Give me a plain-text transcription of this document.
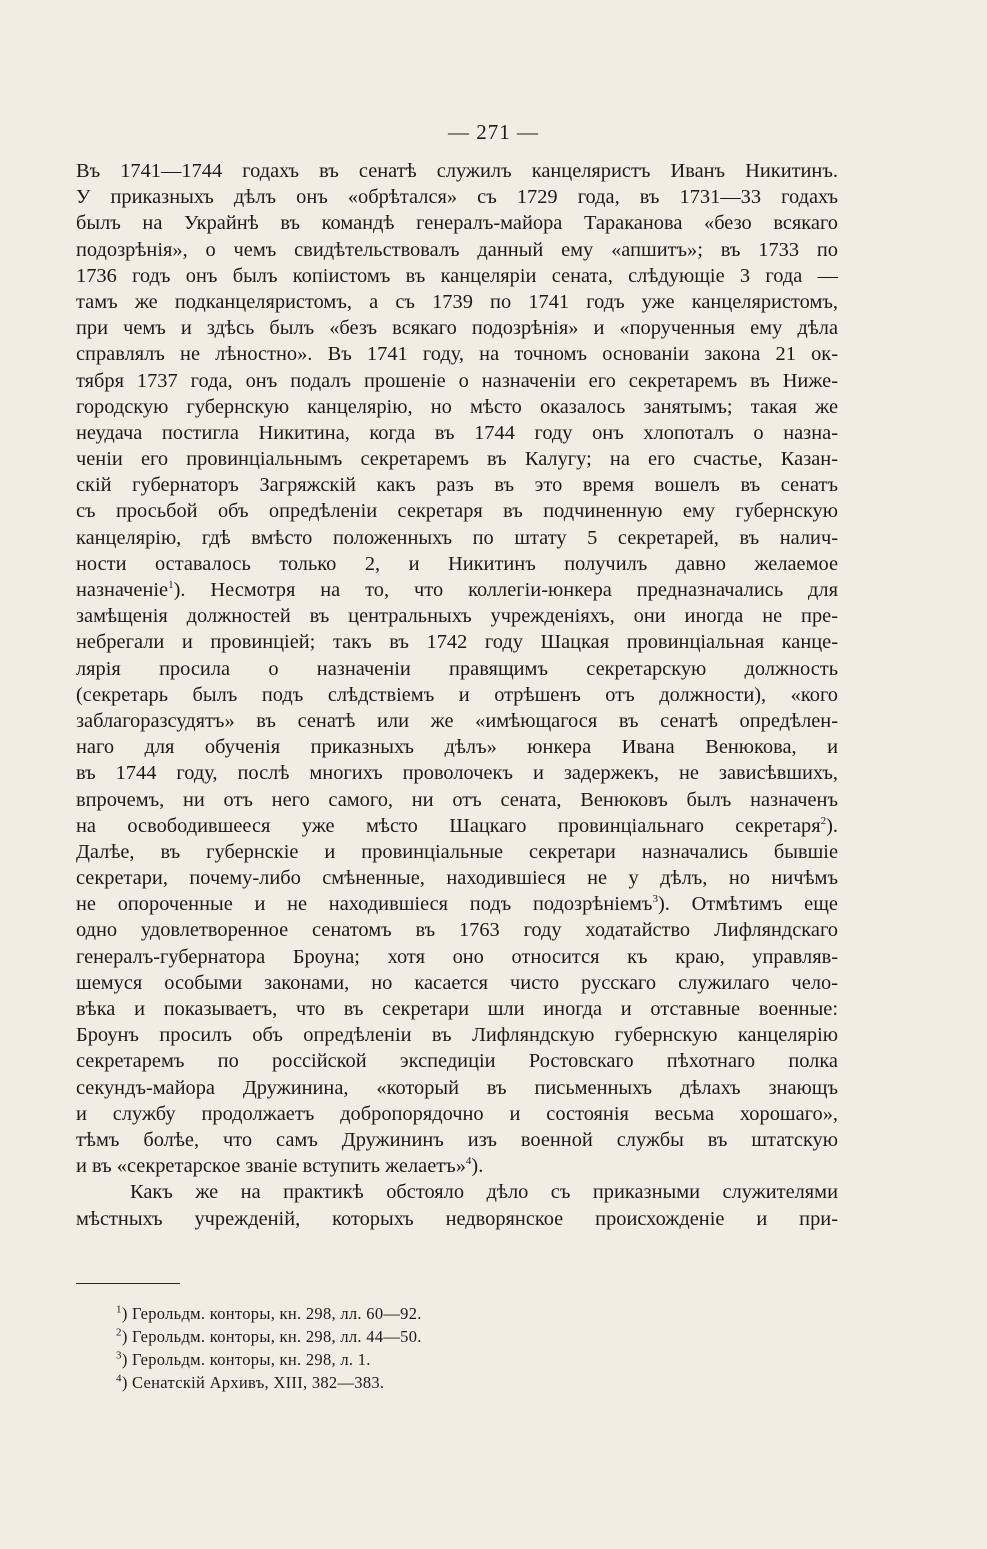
— 271 —
Въ 1741—1744 годахъ въ сенатѣ служилъ канцеляристъ Иванъ Никитинъ.
У приказныхъ дѣлъ онъ «обрѣтался» съ 1729 года, въ 1731—33 годахъ
былъ на Украйнѣ въ командѣ генералъ-майора Тараканова «безо всякаго
подозрѣнія», о чемъ свидѣтельствовалъ данный ему «апшитъ»; въ 1733 по
1736 годъ онъ былъ копіистомъ въ канцеляріи сената, слѣдующіе 3 года —
тамъ же подканцеляристомъ, а съ 1739 по 1741 годъ уже канцеляристомъ,
при чемъ и здѣсь былъ «безъ всякаго подозрѣнія» и «порученныя ему дѣла
справлялъ не лѣностно». Въ 1741 году, на точномъ основаніи закона 21 ок-
тября 1737 года, онъ подалъ прошеніе о назначеніи его секретаремъ въ Ниже-
городскую губернскую канцелярію, но мѣсто оказалось занятымъ; такая же
неудача постигла Никитина, когда въ 1744 году онъ хлопоталъ о назна-
ченіи его провинціальнымъ секретаремъ въ Калугу; на его счастье, Казан-
скій губернаторъ Загряжскій какъ разъ въ это время вошелъ въ сенатъ
съ просьбой объ опредѣленіи секретаря въ подчиненную ему губернскую
канцелярію, гдѣ вмѣсто положенныхъ по штату 5 секретарей, въ налич-
ности оставалось только 2, и Никитинъ получилъ давно желаемое
назначеніе$^1$). Несмотря на то, что коллегіи-юнкера предназначались для
замѣщенія должностей въ центральныхъ учрежденіяхъ, они иногда не пре-
небрегали и провинціей; такъ въ 1742 году Шацкая провинціальная канце-
лярія просила о назначеніи правящимъ секретарскую должность
(секретарь былъ подъ слѣдствіемъ и отрѣшенъ отъ должности), «кого
заблагоразсудятъ» въ сенатѣ или же «имѣющагося въ сенатѣ опредѣлен-
наго для обученія приказныхъ дѣлъ» юнкера Ивана Венюкова, и
въ 1744 году, послѣ многихъ проволочекъ и задержекъ, не зависѣвшихъ,
впрочемъ, ни отъ него самого, ни отъ сената, Венюковъ былъ назначенъ
на освободившееся уже мѣсто Шацкаго провинціальнаго секретаря$^2$).
Далѣе, въ губернскіе и провинціальные секретари назначались бывшіе
секретари, почему-либо смѣненные, находившіеся не у дѣлъ, но ничѣмъ
не опороченные и не находившіеся подъ подозрѣніемъ$^3$). Отмѣтимъ еще
одно удовлетворенное сенатомъ въ 1763 году ходатайство Лифляндскаго
генералъ-губернатора Броуна; хотя оно относится къ краю, управляв-
шемуся особыми законами, но касается чисто русскаго служилаго чело-
вѣка и показываетъ, что въ секретари шли иногда и отставные военные:
Броунъ просилъ объ опредѣленіи въ Лифляндскую губернскую канцелярію
секретаремъ по россійской экспедиціи Ростовскаго пѣхотнаго полка
секундъ-майора Дружинина, «который въ письменныхъ дѣлахъ знающъ
и службу продолжаетъ добропорядочно и состоянія весьма хорошаго»,
тѣмъ болѣе, что самъ Дружининъ изъ военной службы въ штатскую
и въ «секретарское званіе вступить желаетъ»$^4$).
Какъ же на практикѣ обстояло дѣло съ приказными служителями
мѣстныхъ учрежденій, которыхъ недворянское происхожденіе и при-
$^1$) Герольдм. конторы, кн. 298, лл. 60—92.
$^2$) Герольдм. конторы, кн. 298, лл. 44—50.
$^3$) Герольдм. конторы, кн. 298, л. 1.
$^4$) Сенатскій Архивъ, XIII, 382—383.
